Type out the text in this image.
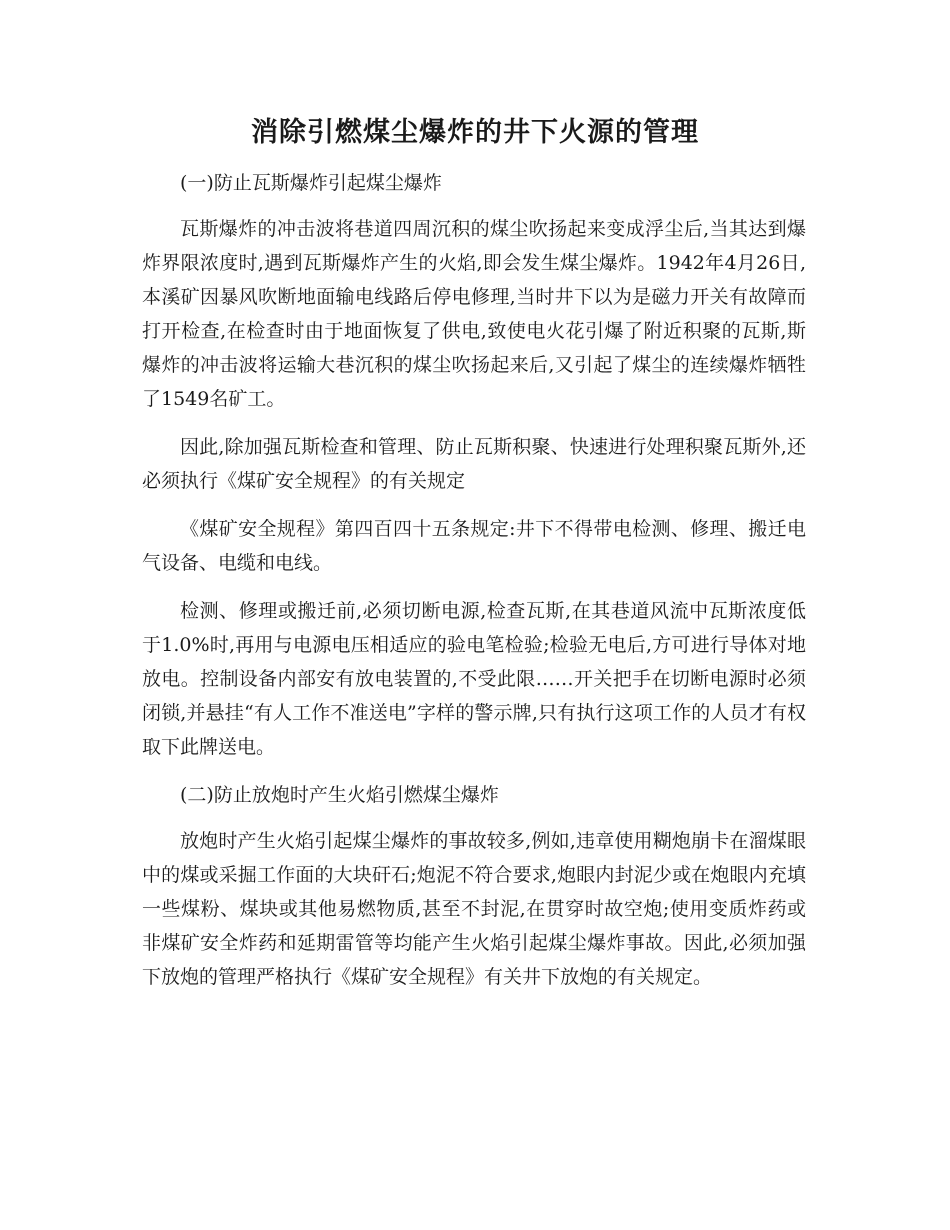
消除引燃煤尘爆炸的井下火源的管理

(一)防止瓦斯爆炸引起煤尘爆炸

瓦斯爆炸的冲击波将巷道四周沉积的煤尘吹扬起来变成浮尘后,当其达到爆炸界限浓度时,遇到瓦斯爆炸产生的火焰,即会发生煤尘爆炸。1942年4月26日,本溪矿因暴风吹断地面输电线路后停电修理,当时井下以为是磁力开关有故障而打开检查,在检查时由于地面恢复了供电,致使电火花引爆了附近积聚的瓦斯,斯爆炸的冲击波将运输大巷沉积的煤尘吹扬起来后,又引起了煤尘的连续爆炸牺牲了1549名矿工。

因此,除加强瓦斯检查和管理、防止瓦斯积聚、快速进行处理积聚瓦斯外,还必须执行《煤矿安全规程》的有关规定

《煤矿安全规程》第四百四十五条规定:井下不得带电检测、修理、搬迁电气设备、电缆和电线。

检测、修理或搬迁前,必须切断电源,检查瓦斯,在其巷道风流中瓦斯浓度低于1.0%时,再用与电源电压相适应的验电笔检验;检验无电后,方可进行导体对地放电。控制设备内部安有放电装置的,不受此限……开关把手在切断电源时必须闭锁,并悬挂“有人工作不准送电”字样的警示牌,只有执行这项工作的人员才有权取下此牌送电。

(二)防止放炮时产生火焰引燃煤尘爆炸

放炮时产生火焰引起煤尘爆炸的事故较多,例如,违章使用糊炮崩卡在溜煤眼中的煤或采掘工作面的大块矸石;炮泥不符合要求,炮眼内封泥少或在炮眼内充填一些煤粉、煤块或其他易燃物质,甚至不封泥,在贯穿时故空炮;使用变质炸药或非煤矿安全炸药和延期雷管等均能产生火焰引起煤尘爆炸事故。因此,必须加强下放炮的管理严格执行《煤矿安全规程》有关井下放炮的有关规定。
